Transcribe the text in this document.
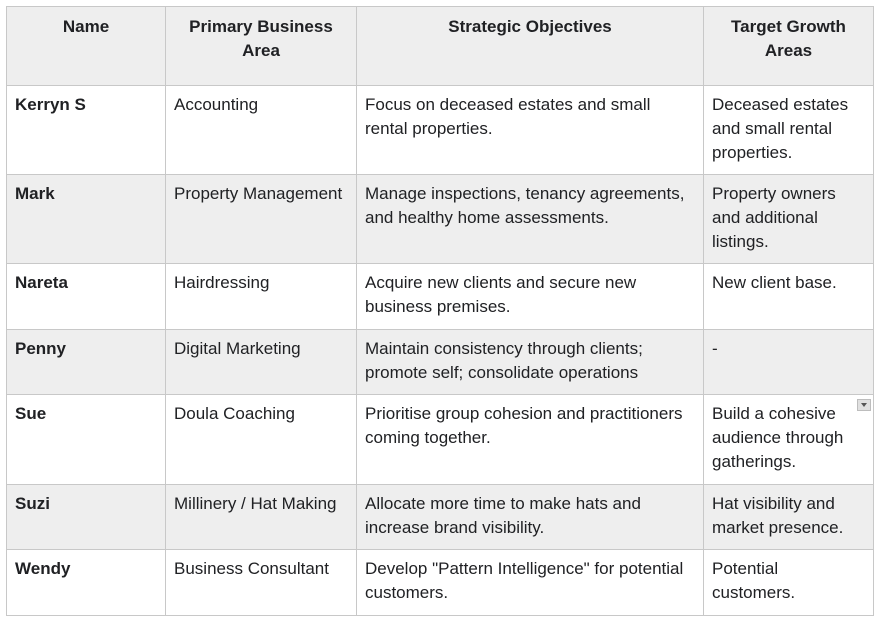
Name	Primary Business Area	Strategic Objectives	Target Growth Areas
Kerryn S	Accounting	Focus on deceased estates and small rental properties.	Deceased estates and small rental properties.
Mark	Property Management	Manage inspections, tenancy agreements, and healthy home assessments.	Property owners and additional listings.
Nareta	Hairdressing	Acquire new clients and secure new business premises.	New client base.
Penny	Digital Marketing	Maintain consistency through clients; promote self; consolidate operations	-
Sue	Doula Coaching	Prioritise group cohesion and practitioners coming together.	Build a cohesive audience through gatherings.

Suzi	Millinery / Hat Making	Allocate more time to make hats and increase brand visibility.	Hat visibility and market presence.
Wendy	Business Consultant	Develop "Pattern Intelligence" for potential customers.	Potential customers.
